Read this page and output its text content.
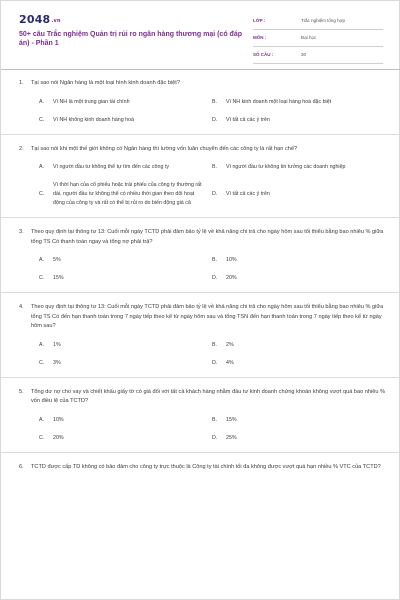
2048.vn
50+ câu Trắc nghiệm Quản trị rủi ro ngân hàng thương mại (có đáp án) - Phần 1
LỚP :	Trắc nghiệm tổng hợp
MÔN :	Đại học
SỐ CÂU :	30
1. Tại sao nói Ngân hàng là một loại hình kinh doanh đặc biệt?
A.	Vì NH là một trung gian tài chính	B.	Vì NH kinh doanh một loại hàng hoá đặc biệt
C.	Vì NH không kinh doanh hàng hoá	D.	Vì tất cả các ý trên
2. Tại sao nói khi một thế giới không có Ngân hàng thì lường vốn luân chuyển đến các công ty là rất hạn chế?
A.	Vì người đầu tư không thể tự tìm đến các công ty	B.	Vì người đầu tư không tin tưởng các doanh nghiệp
C.
Vì thời hạn của cổ phiếu hoặc trái phiếu của công ty thường rất dài, người đầu tư không thể có nhiều thời gian theo dõi hoạt động của công ty và rất có thể bị rủi ro do biến động giá cả
D.	Vì tất cả các ý trên
3. Theo quy định tại thông tư 13: Cuối mỗi ngày TCTD phải đảm bảo tỷ lệ về khả năng chi trả cho ngày hôm sau tối thiểu bằng bao nhiêu % giữa tổng TS Có thanh toán ngay và tổng nợ phải trả?
A.	5%	B.	10%
C.	15%	D.	20%
4. Theo quy định tại thông tư 13: Cuối mỗi ngày TCTD phải đảm bảo tỷ lệ về khả năng chi trả cho ngày hôm sau tối thiểu bằng bao nhiêu % giữa tổng TS Có đến hạn thanh toán trong 7 ngày tiếp theo kể từ ngày hôm sau và tổng TSN đến hạn thanh toán trong 7 ngày tiếp theo kể từ ngày hôm sau?
A.	1%	B.	2%
C.	3%	D.	4%
5. Tổng dư nợ cho vay và chiết khấu giấy tờ có giá đối với tất cả khách hàng nhằm đầu tư kinh doanh chứng khoán không vượt quá bao nhiêu % vốn điều lệ của TCTD?
A.	10%	B.	15%
C.	20%	D.	25%
6. TCTD được cấp TD không có bảo đảm cho công ty trực thuộc là Công ty tài chính tối đa không được vượt quá hạn nhiều % VTC của TCTD?
